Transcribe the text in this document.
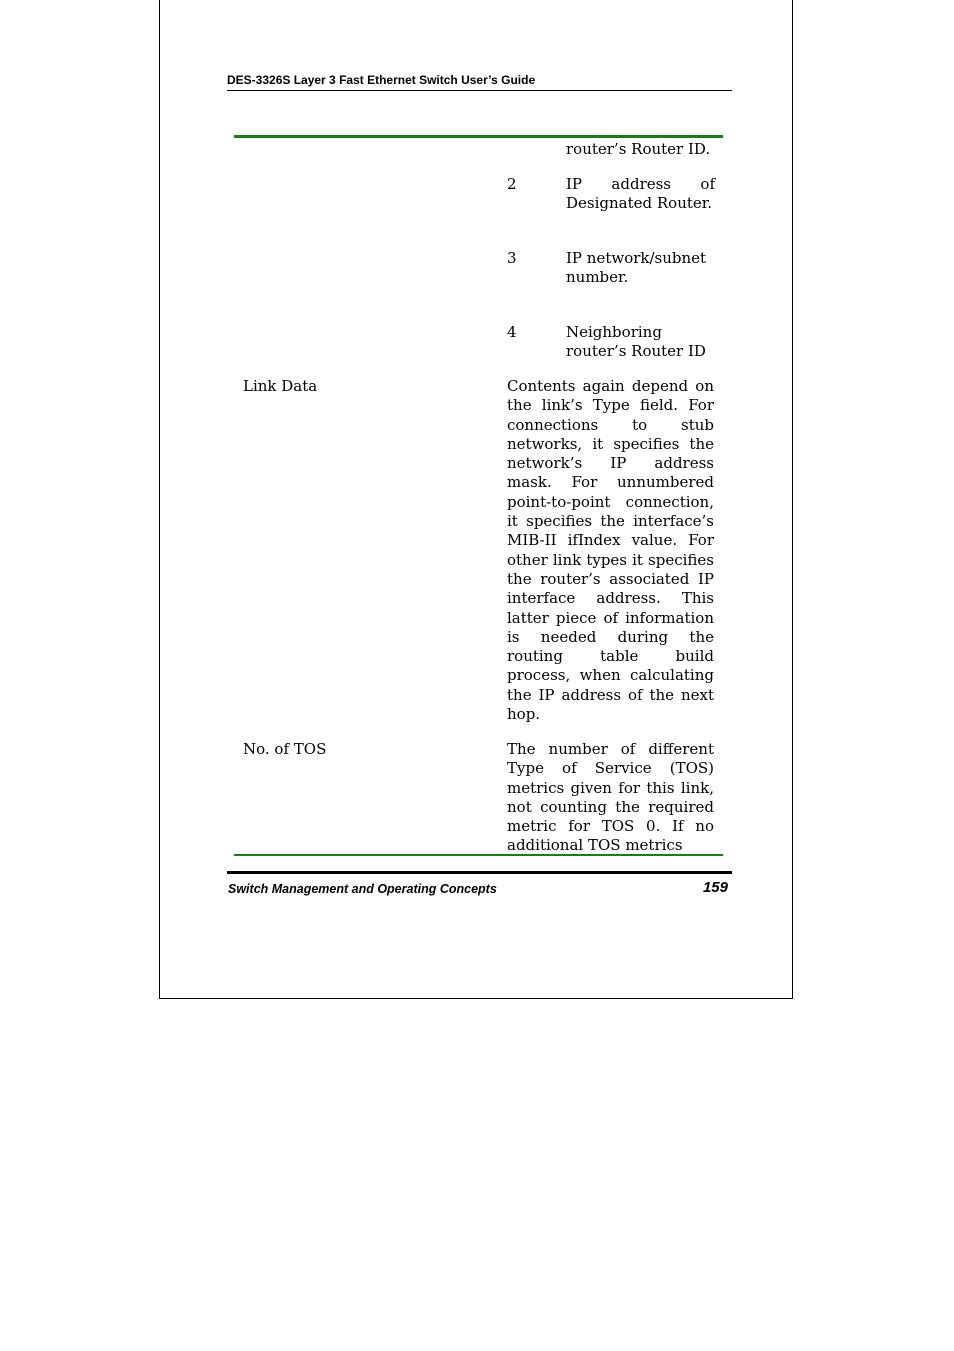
DES-3326S Layer 3 Fast Ethernet Switch User’s Guide
router’s Router ID.
2	IP address of Designated Router.
3	IP network/subnet number.
4	Neighboring router’s Router ID
Link Data	Contents again depend on the link’s Type field. For connections to stub networks, it specifies the network’s IP address mask. For unnumbered point-to-point connection, it specifies the interface’s MIB-II ifIndex value. For other link types it specifies the router’s associated IP interface address. This latter piece of information is needed during the routing table build process, when calculating the IP address of the next hop.
No. of TOS	The number of different Type of Service (TOS) metrics given for this link, not counting the required metric for TOS 0. If no additional TOS metrics
Switch Management and Operating Concepts	159
